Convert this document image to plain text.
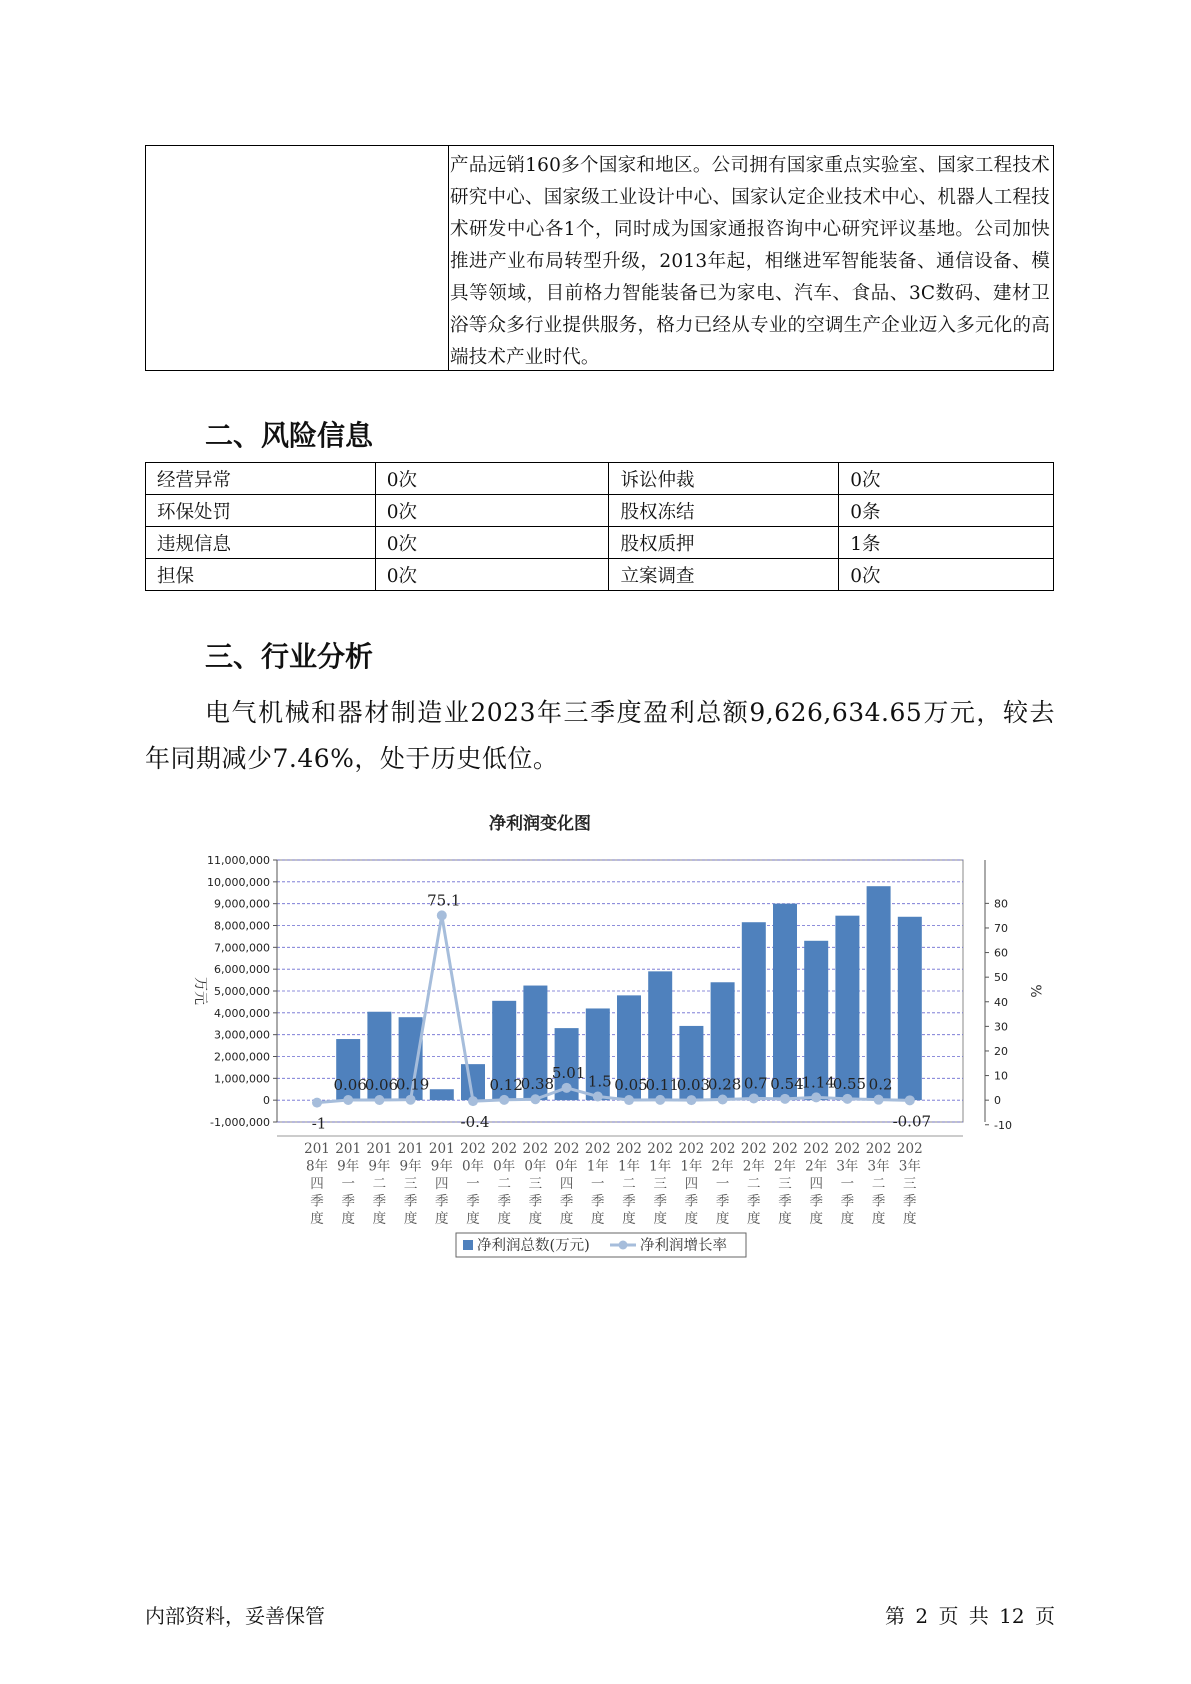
产品远销160多个国家和地区。公司拥有国家重点实验室、国家工程技术研究中心、国家级工业设计中心、国家认定企业技术中心、机器人工程技术研发中心各1个，同时成为国家通报咨询中心研究评议基地。公司加快推进产业布局转型升级，2013年起，相继进军智能装备、通信设备、模具等领域，目前格力智能装备已为家电、汽车、食品、3C数码、建材卫浴等众多行业提供服务，格力已经从专业的空调生产企业迈入多元化的高端技术产业时代。
二、风险信息
经营异常	0次	诉讼仲裁	0次
环保处罚	0次	股权冻结	0条
违规信息	0次	股权质押	1条
担保	0次	立案调查	0次
三、行业分析

电气机械和器材制造业2023年三季度盈利总额9,626,634.65万元，较去年同期减少7.46%，处于历史低位。

净利润变化图
-1,000,000
0
1,000,000
2,000,000
3,000,000
4,000,000
5,000,000
6,000,000
7,000,000
8,000,000
9,000,000
10,000,000
11,000,000
-10
0
10
20
30
40
50
60
70
80
万元	%
-1
0.06
0.06
0.19
75.1
-0.4
0.12
0.38
5.01 1.5 0.05
0.11
0.03
0.28 0.7 0.54
1.14
0.55 0.2
-0.07
201 8年四季度
201 9年一季度
201 9年二季度
201 9年三季度
201 9年四季度
202 0年一季度
202 0年二季度
202 0年三季度
202 0年四季度
202 1年一季度
202 1年二季度
202 1年三季度
202 1年四季度
202 2年一季度
202 2年二季度
202 2年三季度
202 2年四季度
202 3年一季度
202 3年二季度
202 3年三季度
净利润总数(万元)	净利润增长率
内部资料，妥善保管	第 2 页 共 12 页
